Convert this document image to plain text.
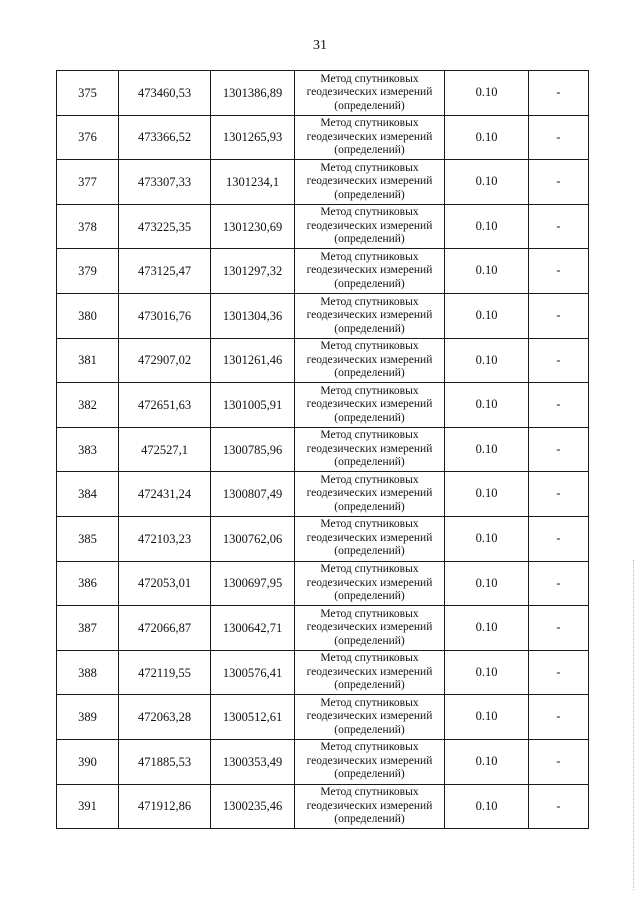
31
375	473460,53	1301386,89	Метод спутниковых
геодезических измерений
(определений)	0.10	-
376	473366,52	1301265,93	Метод спутниковых
геодезических измерений
(определений)	0.10	-
377	473307,33	1301234,1	Метод спутниковых
геодезических измерений
(определений)	0.10	-
378	473225,35	1301230,69	Метод спутниковых
геодезических измерений
(определений)	0.10	-
379	473125,47	1301297,32	Метод спутниковых
геодезических измерений
(определений)	0.10	-
380	473016,76	1301304,36	Метод спутниковых
геодезических измерений
(определений)	0.10	-
381	472907,02	1301261,46	Метод спутниковых
геодезических измерений
(определений)	0.10	-
382	472651,63	1301005,91	Метод спутниковых
геодезических измерений
(определений)	0.10	-
383	472527,1	1300785,96	Метод спутниковых
геодезических измерений
(определений)	0.10	-
384	472431,24	1300807,49	Метод спутниковых
геодезических измерений
(определений)	0.10	-
385	472103,23	1300762,06	Метод спутниковых
геодезических измерений
(определений)	0.10	-
386	472053,01	1300697,95	Метод спутниковых
геодезических измерений
(определений)	0.10	-
387	472066,87	1300642,71	Метод спутниковых
геодезических измерений
(определений)	0.10	-
388	472119,55	1300576,41	Метод спутниковых
геодезических измерений
(определений)	0.10	-
389	472063,28	1300512,61	Метод спутниковых
геодезических измерений
(определений)	0.10	-
390	471885,53	1300353,49	Метод спутниковых
геодезических измерений
(определений)	0.10	-
391	471912,86	1300235,46	Метод спутниковых
геодезических измерений
(определений)	0.10	-
